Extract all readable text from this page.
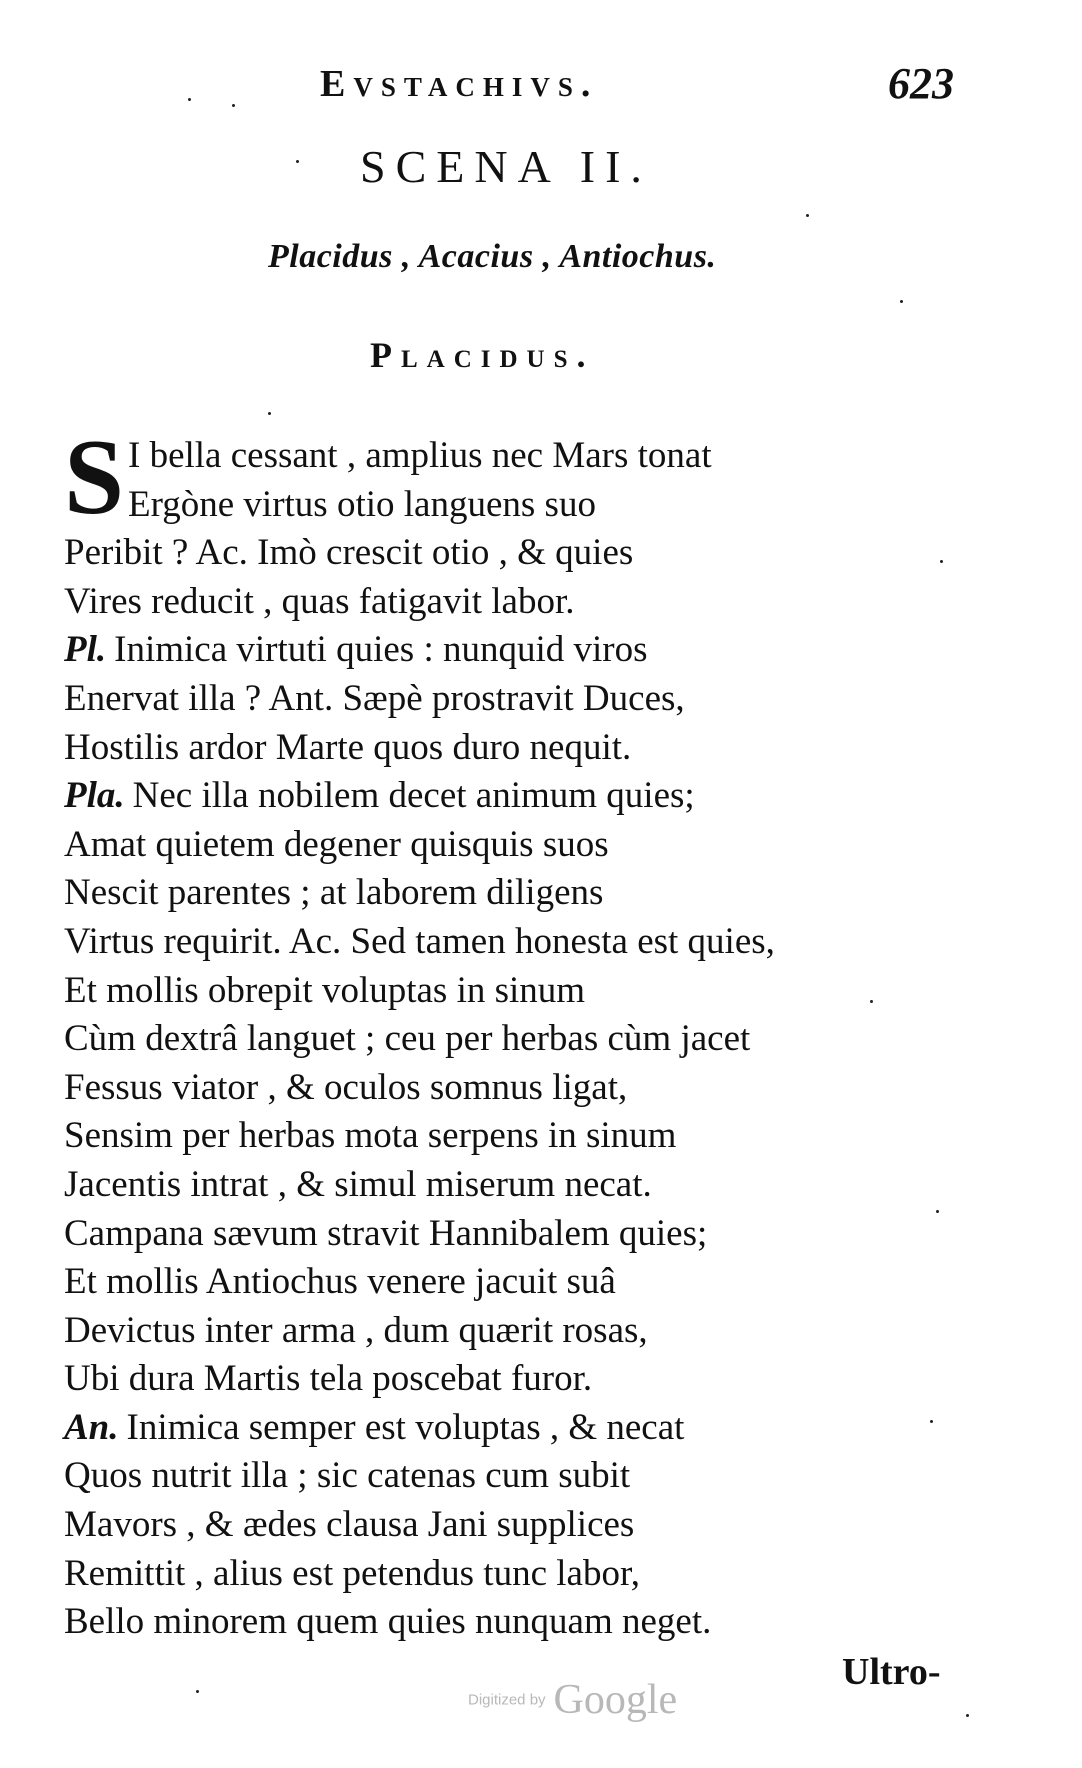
Evstachivs.	623
SCENA II.
Placidus , Acacius , Antiochus.
Placidus.
S I bella cessant , amplius nec Mars tonat
Ergòne virtus otio languens suo
Peribit ? Ac. Imò crescit otio , & quies
Vires reducit , quas fatigavit labor.
Pl. Inimica virtuti quies : nunquid viros
Enervat illa ? Ant. Sæpè prostravit Duces,
Hostilis ardor Marte quos duro nequit.
Pla. Nec illa nobilem decet animum quies;
Amat quietem degener quisquis suos
Nescit parentes ; at laborem diligens
Virtus requirit. Ac. Sed tamen honesta est quies,
Et mollis obrepit voluptas in sinum
Cùm dextrâ languet ; ceu per herbas cùm jacet
Fessus viator , & oculos somnus ligat,
Sensim per herbas mota serpens in sinum
Jacentis intrat , & simul miserum necat.
Campana sævum stravit Hannibalem quies;
Et mollis Antiochus venere jacuit suâ
Devictus inter arma , dum quærit rosas,
Ubi dura Martis tela poscebat furor.
An. Inimica semper est voluptas , & necat
Quos nutrit illa ; sic catenas cum subit
Mavors , & ædes clausa Jani supplices
Remittit , alius est petendus tunc labor,
Bello minorem quem quies nunquam neget.
Ultro-
Digitized by Google
